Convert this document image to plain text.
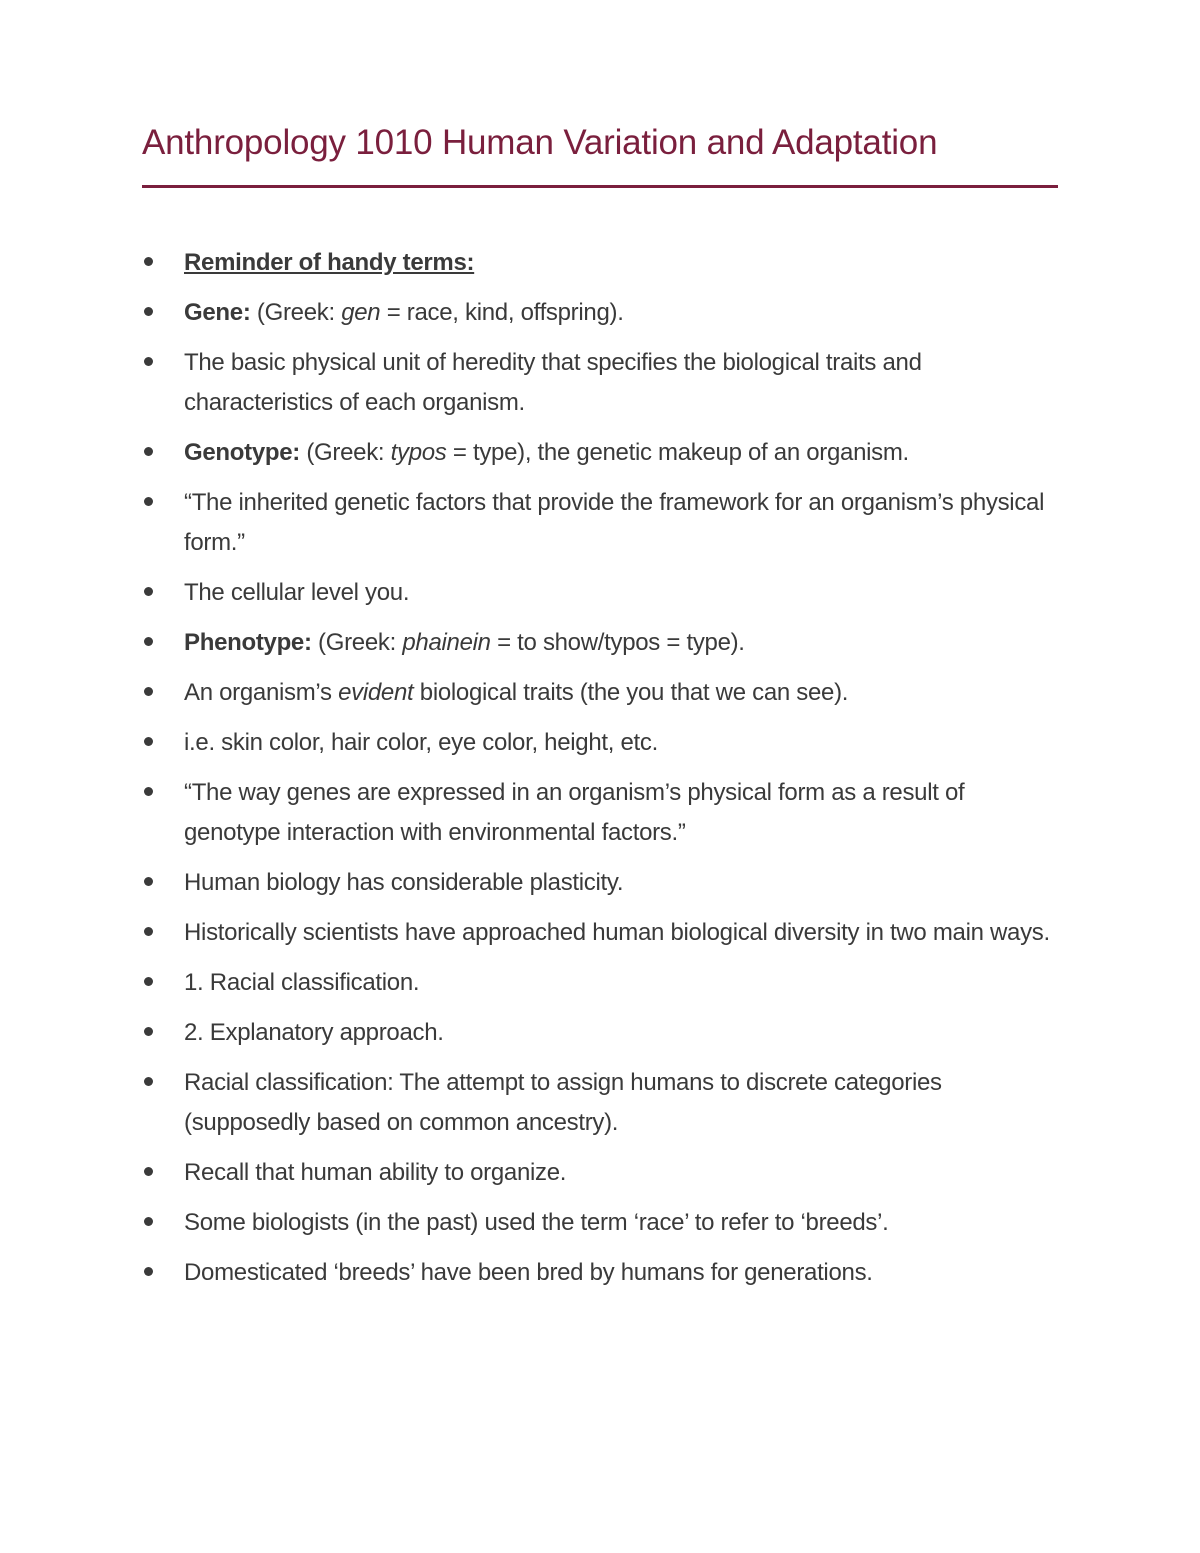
Anthropology 1010 Human Variation and Adaptation
Reminder of handy terms:
Gene: (Greek: gen = race, kind, offspring).
The basic physical unit of heredity that specifies the biological traits and characteristics of each organism.
Genotype: (Greek: typos = type), the genetic makeup of an organism.
“The inherited genetic factors that provide the framework for an organism’s physical form.”
The cellular level you.
Phenotype: (Greek: phainein = to show/typos = type).
An organism’s evident biological traits (the you that we can see).
i.e. skin color, hair color, eye color, height, etc.
“The way genes are expressed in an organism’s physical form as a result of genotype interaction with environmental factors.”
Human biology has considerable plasticity.
Historically scientists have approached human biological diversity in two main ways.
1. Racial classification.
2. Explanatory approach.
Racial classification: The attempt to assign humans to discrete categories (supposedly based on common ancestry).
Recall that human ability to organize.
Some biologists (in the past) used the term ‘race’ to refer to ‘breeds’.
Domesticated ‘breeds’ have been bred by humans for generations.
